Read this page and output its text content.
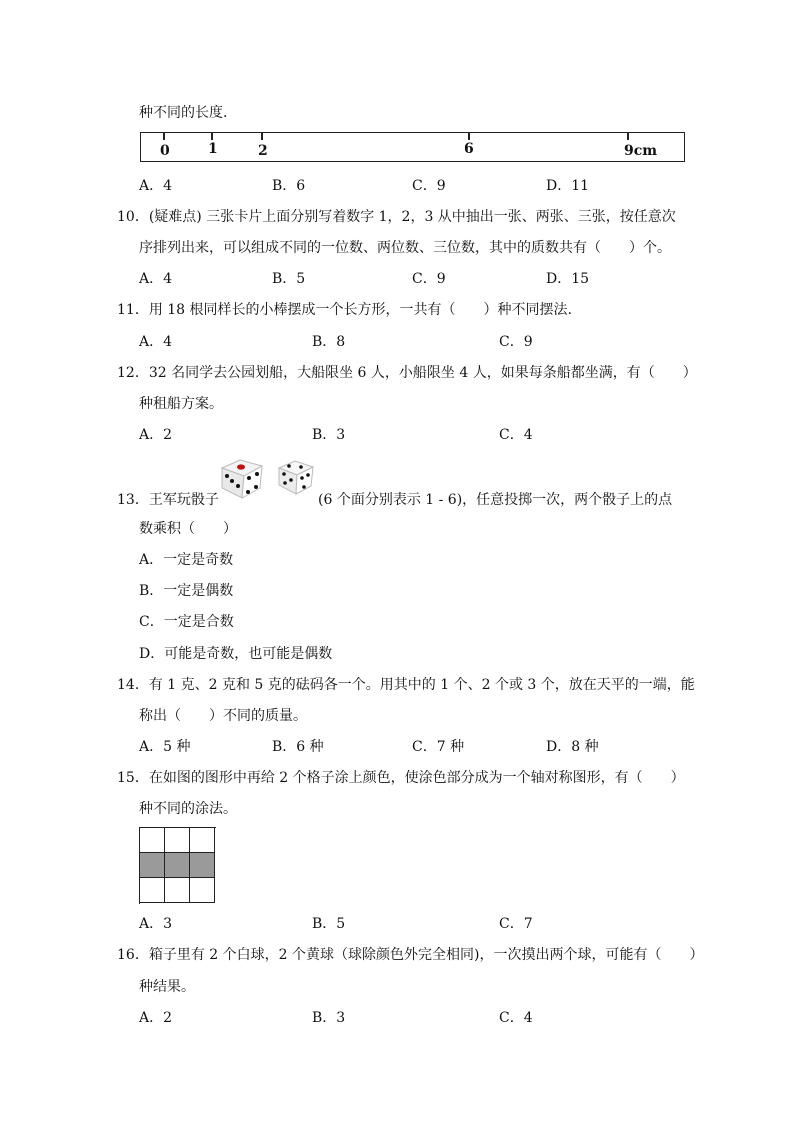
种不同的长度.
0	1	2	6	9cm
A．4	B．6	C．9	D．11
10．(疑难点) 三张卡片上面分别写着数字 1，2，3 从中抽出一张、两张、三张，按任意次
序排列出来，可以组成不同的一位数、两位数、三位数，其中的质数共有（　　）个。
A．4	B．5	C．9	D．15
11．用 18 根同样长的小棒摆成一个长方形，一共有（　　）种不同摆法.
A．4	B．8	C．9
12．32 名同学去公园划船，大船限坐 6 人，小船限坐 4 人，如果每条船都坐满，有（　　）
种租船方案。
A．2	B．3	C．4
13．王军玩骰子	(6 个面分别表示 1 - 6)，任意投掷一次，两个骰子上的点
数乘积（　　）
A．一定是奇数
B．一定是偶数
C．一定是合数
D．可能是奇数，也可能是偶数
14．有 1 克、2 克和 5 克的砝码各一个。用其中的 1 个、2 个或 3 个，放在天平的一端，能
称出（　　）不同的质量。
A．5 种	B．6 种	C．7 种	D．8 种
15．在如图的图形中再给 2 个格子涂上颜色，使涂色部分成为一个轴对称图形，有（　　）
种不同的涂法。
A．3	B．5	C．7
16．箱子里有 2 个白球，2 个黄球（球除颜色外完全相同)，一次摸出两个球，可能有（　　）
种结果。
A．2	B．3	C．4
